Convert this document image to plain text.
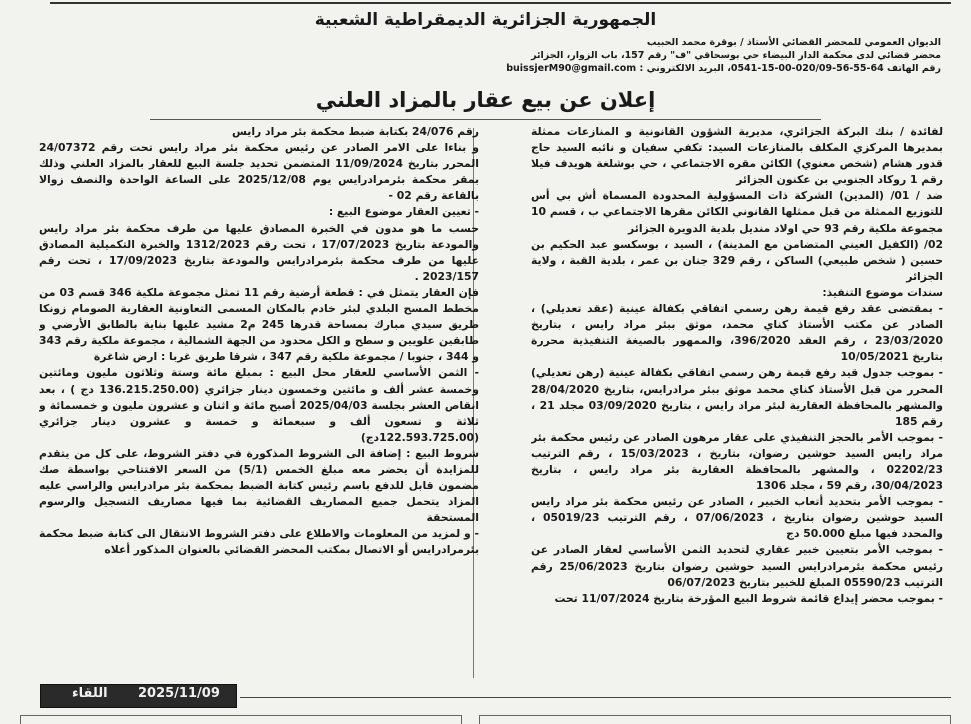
الجمهورية الجزائرية الديمقراطية الشعبية
الديوان العمومي للمحضر القضائي الأستاذ / بوقرة محمد الحبيب
محضر قضائي لدى محكمة الدار البيضاء حي بوسحاقي "ف" رقم 157، باب الزوار، الجزائر
رقم الهاتف 64-55-56-020/09-00-15-0541، البريد الالكتروني : buissjerM90@gmail.com
إعلان عن بيع عقار بالمزاد العلني

لفائدة / بنك البركة الجزائري، مديرية الشؤون القانونية و المنازعات ممثلة بمديرها المركزي المكلف بالمنازعات السيد: تكفي سفيان و نائبه السيد حاج قدور هشام (شخص معنوي) الكائن مقره الاجتماعي ، حي بوشلغة هويدف فيلا رقم 1 روكاد الجنوبي بن عكنون الجزائر

ضد / 01/ (المدين) الشركة ذات المسؤولية المحدودة المسماة أش بي أس للتوزيع الممثلة من قبل ممثلها القانوني الكائن مقرها الاجتماعي ب ، قسم 10 مجموعة ملكية رقم 93 حي اولاد منديل بلدية الدويرة الجزائر

02/ (الكفيل العيني المتضامن مع المدينة) ، السيد ، بوسكسو عبد الحكيم بن حسين ( شخص طبيعي) الساكن ، رقم 329 جنان بن عمر ، بلدية القبة ، ولاية الجزائر

سندات موضوع التنفيذ:

- بمقتضى عقد رفع قيمة رهن رسمي اتفاقي بكفالة عينية (عقد تعديلي) ، الصادر عن مكتب الأستاذ كناي محمد، موثق ببئر مراد رايس ، بتاريخ 23/03/2020 ، رقم العقد 396/2020، والممهور بالصيغة التنفيذية محررة بتاريخ 10/05/2021

- بموجب جدول قيد رفع قيمة رهن رسمي اتفاقي بكفالة عينية (رهن تعديلي) المحرر من قبل الأستاذ كناي محمد موثق ببئر مرادرايس، بتاريخ 28/04/2020 والمشهر بالمحافظة العقارية لبئر مراد رايس ، بتاريخ 03/09/2020 مجلد 21 ، رقم 185

- بموجب الأمر بالحجز التنفيذي على عقار مرهون الصادر عن رئيس محكمة بئر مراد رايس السيد حوشين رضوان، بتاريخ ، 15/03/2023 ، رقم الترتيب 02202/23 ، والمشهر بالمحافظة العقارية بئر مراد رايس ، بتاريخ 30/04/2023، رقم 59 ، مجلد 1306

- بموجب الأمر بتحديد أتعاب الخبير ، الصادر عن رئيس محكمة بئر مراد رايس السيد حوشين رضوان بتاريخ ، 07/06/2023 ، رقم الترتيب 05019/23 ، والمحدد فيها مبلغ 50.000 دج

- بموجب الأمر بتعيين خبير عقاري لتحديد الثمن الأساسي لعقار الصادر عن رئيس محكمة بئرمرادرايس السيد حوشين رضوان بتاريخ 25/06/2023 رقم الترتيب 05590/23 المبلغ للخبير بتاريخ 06/07/2023

- بموجب محضر إيداع قائمة شروط البيع المؤرخة بتاريخ 11/07/2024 تحت

رقم 24/076 بكتابة ضبط محكمة بئر مراد رايس

و بناءا على الامر الصادر عن رئيس محكمة بئر مراد رايس تحت رقم 24/07372 المحرر بتاريخ 11/09/2024 المتضمن تحديد جلسة البيع للعقار بالمزاد العلني وذلك بمقر محكمة بئرمرادرايس يوم 2025/12/08 على الساعة الواحدة والنصف زوالا بالقاعة رقم 02 -

- تعيين العقار موضوع البيع :

حسب ما هو مدون في الخبرة المصادق عليها من طرف محكمة بئر مراد رايس والمودعة بتاريخ 17/07/2023 ، تحت رقم 1312/2023 والخبرة التكميلية المصادق عليها من طرف محكمة بئرمرادرايس والمودعة بتاريخ 17/09/2023 ، تحت رقم 2023/157 .

فإن العقار يتمثل في : قطعة أرضية رقم 11 تمثل مجموعة ملكية 346 قسم 03 من مخطط المسح البلدي لبئر خادم بالمكان المسمى التعاونية العقارية الصومام زونكا طريق سيدي مبارك بمساحة قدرها 245 م2 مشيد عليها بناية بالطابق الأرضي و طابقين علويين و سطح و الكل محدود من الجهة الشمالية ، مجموعة ملكية رقم 343 و 344 ، جنوبا / مجموعة ملكية رقم 347 ، شرقا طريق غربا : ارض شاغرة

- الثمن الأساسي للعقار محل البيع : بمبلغ مائة وستة وثلاثون مليون ومائتين وخمسة عشر ألف و مائتين وخمسون دينار جزائري (136.215.250.00 دج ) ، بعد انقاص العشر بجلسة 2025/04/03 أصبح مائة و اثنان و عشرون مليون و خمسمائة و ثلاثة و تسعون ألف و سبعمائة و خمسة و عشرون دينار جزائري (122.593.725.00دج)

شروط البيع : إضافة الى الشروط المذكورة في دفتر الشروط، على كل من يتقدم للمزايدة أن يحضر معه مبلغ الخمس (5/1) من السعر الافتتاحي بواسطة صك مضمون قابل للدفع باسم رئيس كتابة الضبط بمحكمة بئر مرادرايس والراسي عليه المزاد يتحمل جميع المصاريف القضائية بما فيها مصاريف التسجيل والرسوم المستحقة

- و لمزيد من المعلومات والاطلاع على دفتر الشروط الانتقال الى كتابة ضبط محكمة بئرمرادرايس أو الاتصال بمكتب المحضر القضائي بالعنوان المذكور أعلاه

2025/11/09
اللقاء
